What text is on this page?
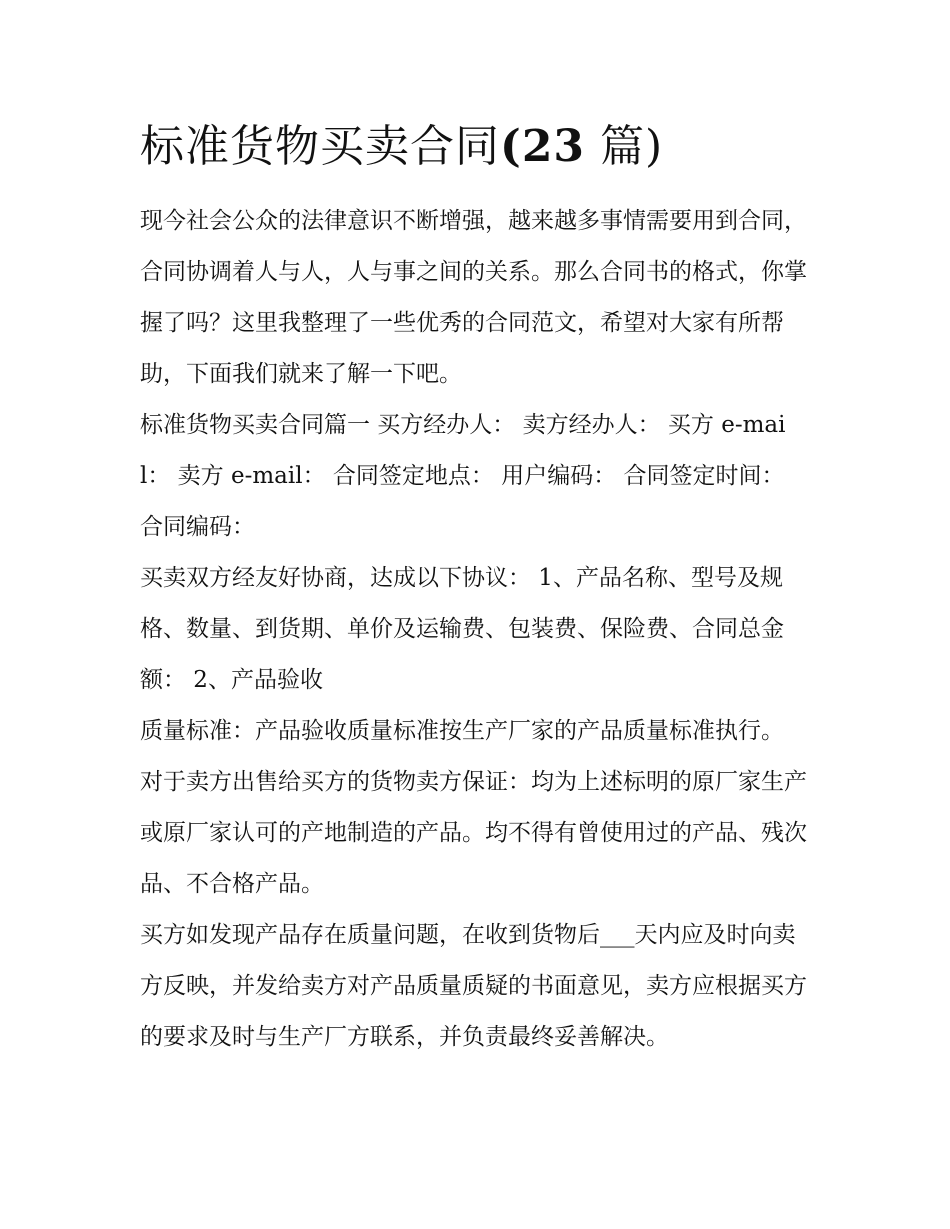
标准货物买卖合同(23 篇)

现今社会公众的法律意识不断增强，越来越多事情需要用到合同，合同协调着人与人，人与事之间的关系。那么合同书的格式，你掌握了吗？这里我整理了一些优秀的合同范文，希望对大家有所帮助，下面我们就来了解一下吧。

标准货物买卖合同篇一 买方经办人： 卖方经办人： 买方 e-mail： 卖方 e-mail： 合同签定地点： 用户编码： 合同签定时间： 合同编码：

买卖双方经友好协商，达成以下协议： 1、产品名称、型号及规格、数量、到货期、单价及运输费、包装费、保险费、合同总金额： 2、产品验收

质量标准：产品验收质量标准按生产厂家的产品质量标准执行。

对于卖方出售给买方的货物卖方保证：均为上述标明的原厂家生产或原厂家认可的产地制造的产品。均不得有曾使用过的产品、残次品、不合格产品。

买方如发现产品存在质量问题，在收到货物后___天内应及时向卖方反映，并发给卖方对产品质量质疑的书面意见，卖方应根据买方的要求及时与生产厂方联系，并负责最终妥善解决。
